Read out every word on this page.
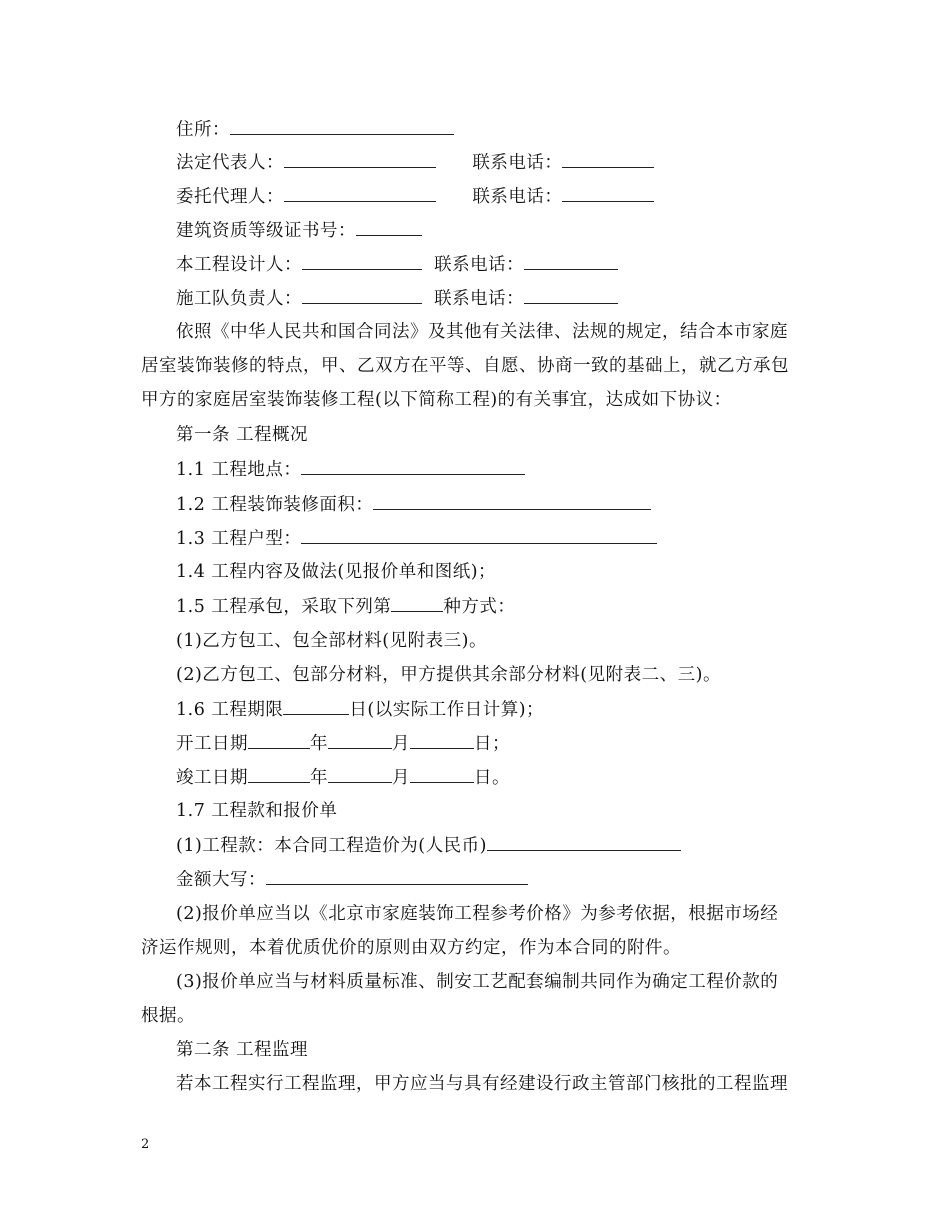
住所：
法定代表人：	联系电话：
委托代理人：	联系电话：
建筑资质等级证书号：
本工程设计人：	联系电话：
施工队负责人：	联系电话：
依照《中华人民共和国合同法》及其他有关法律、法规的规定，结合本市家庭
居室装饰装修的特点，甲、乙双方在平等、自愿、协商一致的基础上，就乙方承包
甲方的家庭居室装饰装修工程(以下简称工程)的有关事宜，达成如下协议：
第一条 工程概况
1.1 工程地点：
1.2 工程装饰装修面积：
1.3 工程户型：
1.4 工程内容及做法(见报价单和图纸)；
1.5 工程承包，采取下列第	种方式：
(1)乙方包工、包全部材料(见附表三)。
(2)乙方包工、包部分材料，甲方提供其余部分材料(见附表二、三)。
1.6 工程期限	日(以实际工作日计算)；
开工日期	年	月	日；
竣工日期	年	月	日。
1.7 工程款和报价单
(1)工程款：本合同工程造价为(人民币)
金额大写：
(2)报价单应当以《北京市家庭装饰工程参考价格》为参考依据，根据市场经
济运作规则，本着优质优价的原则由双方约定，作为本合同的附件。
(3)报价单应当与材料质量标准、制安工艺配套编制共同作为确定工程价款的
根据。
第二条 工程监理
若本工程实行工程监理，甲方应当与具有经建设行政主管部门核批的工程监理
2
